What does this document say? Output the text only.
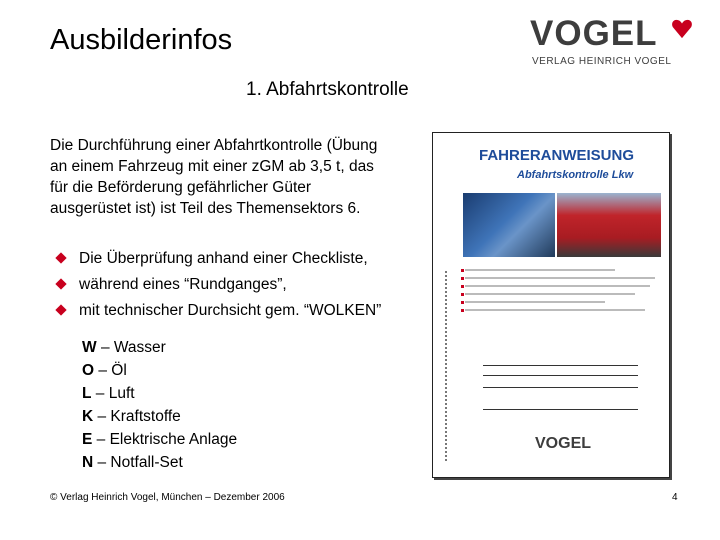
Ausbilderinfos	VOGEL
VERLAG HEINRICH VOGEL
1. Abfahrtskontrolle
Die Durchführung einer Abfahrtkontrolle (Übung
an einem Fahrzeug mit einer zGM ab 3,5 t, das
für die Beförderung gefährlicher Güter
ausgerüstet ist) ist Teil des Themensektors 6.
Die Überprüfung anhand einer Checkliste,
während eines “Rundganges”,
mit technischer Durchsicht gem. “WOLKEN”
W – Wasser
O – Öl
L – Luft
K – Kraftstoffe
E – Elektrische Anlage
N – Notfall-Set
FAHRERANWEISUNG
Abfahrtskontrolle Lkw
VOGEL
© Verlag Heinrich Vogel, München – Dezember 2006	4
